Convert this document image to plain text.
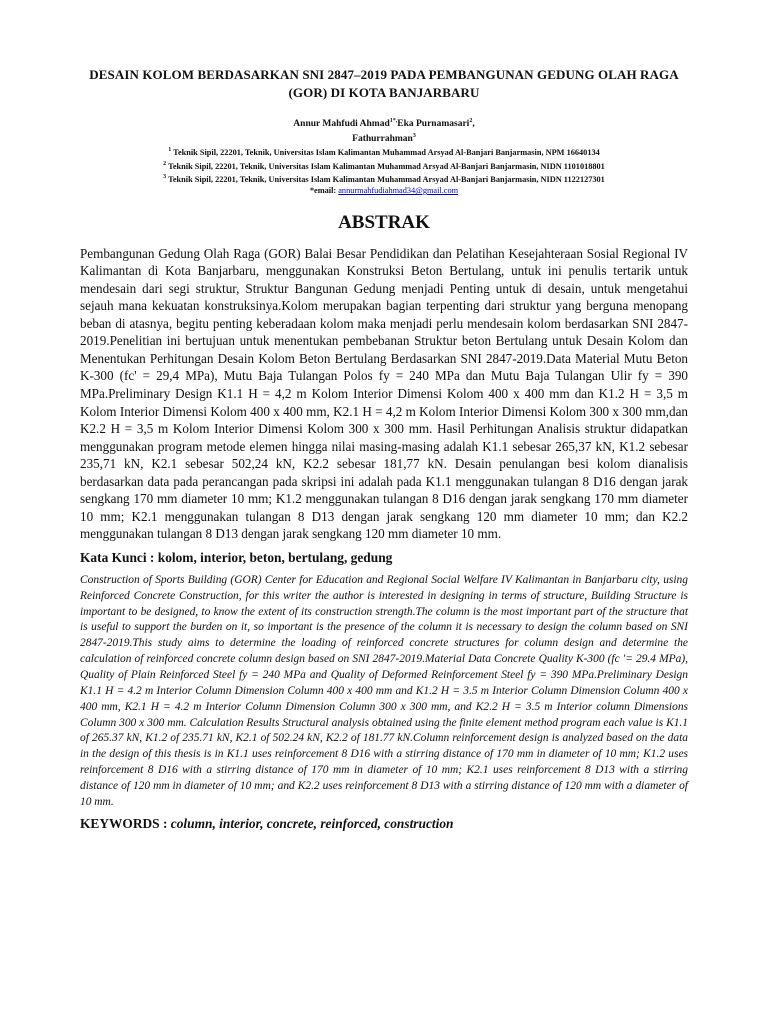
DESAIN KOLOM BERDASARKAN SNI 2847–2019 PADA PEMBANGUNAN GEDUNG OLAH RAGA (GOR) DI KOTA BANJARBARU
Annur Mahfudi Ahmad$^{1*,}$Eka Purnamasari$^2$,
Fathurrahman$^3$
$^1$ Teknik Sipil, 22201, Teknik, Universitas Islam Kalimantan Muhammad Arsyad Al-Banjari Banjarmasin, NPM 16640134
$^2$ Teknik Sipil, 22201, Teknik, Universitas Islam Kalimantan Muhammad Arsyad Al-Banjari Banjarmasin, NIDN 1101018801
$^3$ Teknik Sipil, 22201, Teknik, Universitas Islam Kalimantan Muhammad Arsyad Al-Banjari Banjarmasin, NIDN 1122127301
*email: annurmahfudiahmad34@gmail.com
ABSTRAK

Pembangunan Gedung Olah Raga (GOR) Balai Besar Pendidikan dan Pelatihan Kesejahteraan Sosial Regional IV Kalimantan di Kota Banjarbaru, menggunakan Konstruksi Beton Bertulang, untuk ini penulis tertarik untuk mendesain dari segi struktur, Struktur Bangunan Gedung menjadi Penting untuk di desain, untuk mengetahui sejauh mana kekuatan konstruksinya.Kolom merupakan bagian terpenting dari struktur yang berguna menopang beban di atasnya, begitu penting keberadaan kolom maka menjadi perlu mendesain kolom berdasarkan SNI 2847-2019.Penelitian ini bertujuan untuk menentukan pembebanan Struktur beton Bertulang untuk Desain Kolom dan Menentukan Perhitungan Desain Kolom Beton Bertulang Berdasarkan SNI 2847-2019.Data Material Mutu Beton K-300 (fc' = 29,4 MPa), Mutu Baja Tulangan Polos fy = 240 MPa dan Mutu Baja Tulangan Ulir fy = 390 MPa.Preliminary Design K1.1 H = 4,2 m Kolom Interior Dimensi Kolom 400 x 400 mm dan K1.2 H = 3,5 m Kolom Interior Dimensi Kolom 400 x 400 mm, K2.1 H = 4,2 m Kolom Interior Dimensi Kolom 300 x 300 mm,dan K2.2 H = 3,5 m Kolom Interior Dimensi Kolom 300 x 300 mm. Hasil Perhitungan Analisis struktur didapatkan menggunakan program metode elemen hingga nilai masing-masing adalah K1.1 sebesar 265,37 kN, K1.2 sebesar 235,71 kN, K2.1 sebesar 502,24 kN, K2.2 sebesar 181,77 kN. Desain penulangan besi kolom dianalisis berdasarkan data pada perancangan pada skripsi ini adalah pada K1.1 menggunakan tulangan 8 D16 dengan jarak sengkang 170 mm diameter 10 mm; K1.2 menggunakan tulangan 8 D16 dengan jarak sengkang 170 mm diameter 10 mm; K2.1 menggunakan tulangan 8 D13 dengan jarak sengkang 120 mm diameter 10 mm; dan K2.2 menggunakan tulangan 8 D13 dengan jarak sengkang 120 mm diameter 10 mm.

Kata Kunci : kolom, interior, beton, bertulang, gedung

Construction of Sports Building (GOR) Center for Education and Regional Social Welfare IV Kalimantan in Banjarbaru city, using Reinforced Concrete Construction, for this writer the author is interested in designing in terms of structure, Building Structure is important to be designed, to know the extent of its construction strength.The column is the most important part of the structure that is useful to support the burden on it, so important is the presence of the column it is necessary to design the column based on SNI 2847-2019.This study aims to determine the loading of reinforced concrete structures for column design and determine the calculation of reinforced concrete column design based on SNI 2847-2019.Material Data Concrete Quality K-300 (fc '= 29.4 MPa), Quality of Plain Reinforced Steel fy = 240 MPa and Quality of Deformed Reinforcement Steel fy = 390 MPa.Preliminary Design K1.1 H = 4.2 m Interior Column Dimension Column 400 x 400 mm and K1.2 H = 3.5 m Interior Column Dimension Column 400 x 400 mm, K2.1 H = 4.2 m Interior Column Dimension Column 300 x 300 mm, and K2.2 H = 3.5 m Interior column Dimensions Column 300 x 300 mm. Calculation Results Structural analysis obtained using the finite element method program each value is K1.1 of 265.37 kN, K1.2 of 235.71 kN, K2.1 of 502.24 kN, K2.2 of 181.77 kN.Column reinforcement design is analyzed based on the data in the design of this thesis is in K1.1 uses reinforcement 8 D16 with a stirring distance of 170 mm in diameter of 10 mm; K1.2 uses reinforcement 8 D16 with a stirring distance of 170 mm in diameter of 10 mm; K2.1 uses reinforcement 8 D13 with a stirring distance of 120 mm in diameter of 10 mm; and K2.2 uses reinforcement 8 D13 with a stirring distance of 120 mm with a diameter of 10 mm.

KEYWORDS : column, interior, concrete, reinforced, construction
